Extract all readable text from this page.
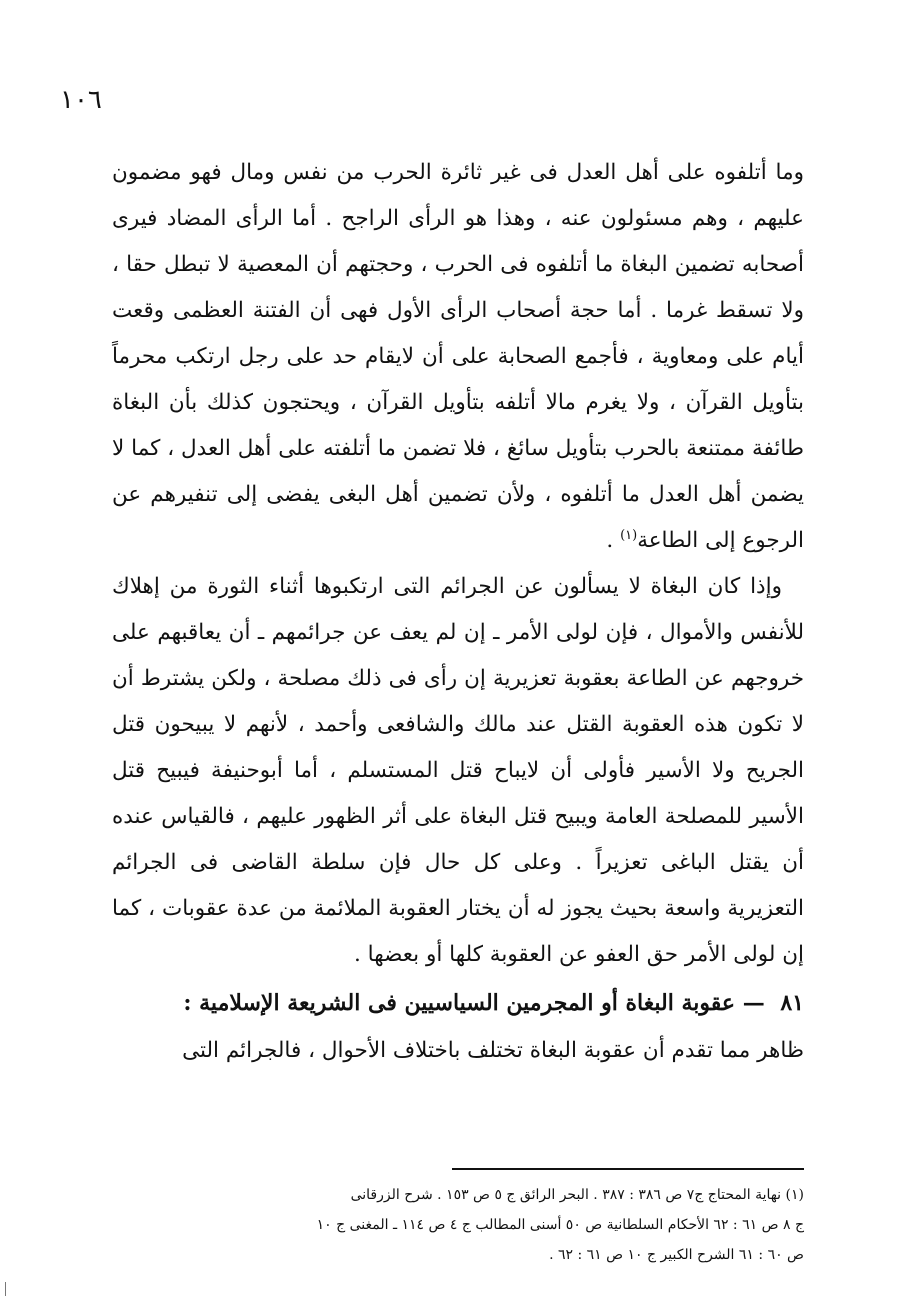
١٠٦

وما أتلفوه على أهل العدل فى غير ثائرة الحرب من نفس ومال فهو مضمون عليهم ، وهم مسئولون عنه ، وهذا هو الرأى الراجح . أما الرأى المضاد فيرى أصحابه تضمين البغاة ما أتلفوه فى الحرب ، وحجتهم أن المعصية لا تبطل حقا ، ولا تسقط غرما . أما حجة أصحاب الرأى الأول فهى أن الفتنة العظمى وقعت أيام على ومعاوية ، فأجمع الصحابة على أن لايقام حد على رجل ارتكب محرماً بتأويل القرآن ، ولا يغرم مالا أتلفه بتأويل القرآن ، ويحتجون كذلك بأن البغاة طائفة ممتنعة بالحرب بتأويل سائغ ، فلا تضمن ما أتلفته على أهل العدل ، كما لا يضمن أهل العدل ما أتلفوه ، ولأن تضمين أهل البغى يفضى إلى تنفيرهم عن الرجوع إلى الطاعة$^{(١)}$ .

وإذا كان البغاة لا يسألون عن الجرائم التى ارتكبوها أثناء الثورة من إهلاك للأنفس والأموال ، فإن لولى الأمر ـ إن لم يعف عن جرائمهم ـ أن يعاقبهم على خروجهم عن الطاعة بعقوبة تعزيرية إن رأى فى ذلك مصلحة ، ولكن يشترط أن لا تكون هذه العقوبة القتل عند مالك والشافعى وأحمد ، لأنهم لا يبيحون قتل الجريح ولا الأسير فأولى أن لايباح قتل المستسلم ، أما أبوحنيفة فيبيح قتل الأسير للمصلحة العامة ويبيح قتل البغاة على أثر الظهور عليهم ، فالقياس عنده أن يقتل الباغى تعزيراً . وعلى كل حال فإن سلطة القاضى فى الجرائم التعزيرية واسعة بحيث يجوز له أن يختار العقوبة الملائمة من عدة عقوبات ، كما إن لولى الأمر حق العفو عن العقوبة كلها أو بعضها .

٨١ — عقوبة البغاة أو المجرمين السياسيين فى الشريعة الإسلامية :

ظاهر مما تقدم أن عقوبة البغاة تختلف باختلاف الأحوال ، فالجرائم التى

(١) نهاية المحتاج ج٧ ص ٣٨٦ : ٣٨٧ . البحر الرائق ج ٥ ص ١٥٣ . شرح الزرقانى

ج ٨ ص ٦١ : ٦٢ الأحكام السلطانية ص ٥٠ أسنى المطالب ج ٤ ص ١١٤ ـ المغنى ج ١٠

ص ٦٠ : ٦١ الشرح الكبير ج ١٠ ص ٦١ : ٦٢ .
